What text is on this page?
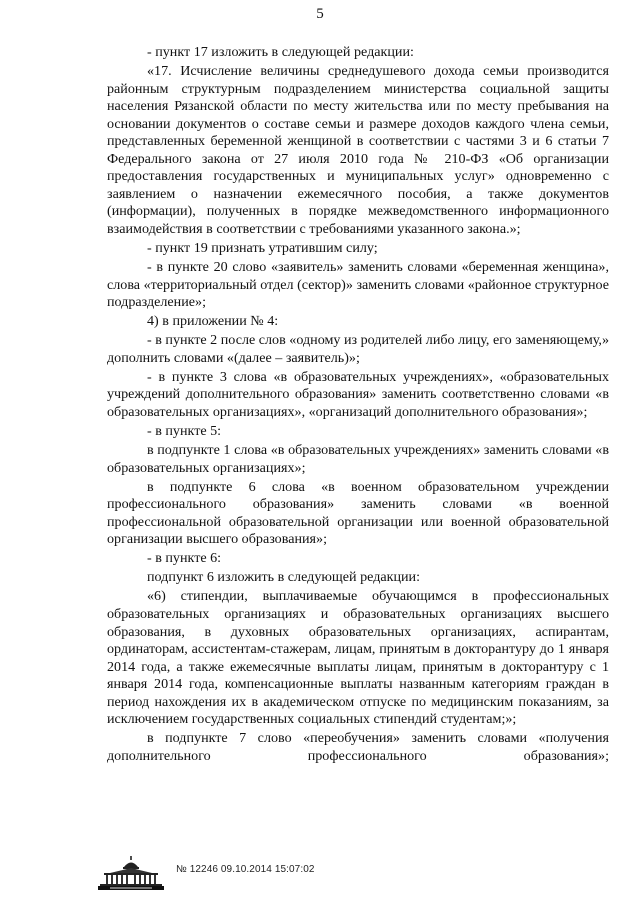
5

- пункт 17 изложить в следующей редакции:

«17. Исчисление величины среднедушевого дохода семьи производится районным структурным подразделением министерства социальной защиты населения Рязанской области по месту жительства или по месту пребывания на основании документов о составе семьи и размере доходов каждого члена семьи, представленных беременной женщиной в соответствии с частями 3 и 6 статьи 7 Федерального закона от 27 июля 2010 года № 210-ФЗ «Об организации предоставления государственных и муниципальных услуг» одновременно с заявлением о назначении ежемесячного пособия, а также документов (информации), полученных в порядке межведомственного информационного взаимодействия в соответствии с требованиями указанного закона.»;

- пункт 19 признать утратившим силу;

- в пункте 20 слово «заявитель» заменить словами «беременная женщина», слова «территориальный отдел (сектор)» заменить словами «районное структурное подразделение»;

4) в приложении № 4:

- в пункте 2 после слов «одному из родителей либо лицу, его заменяющему,» дополнить словами «(далее – заявитель)»;

- в пункте 3 слова «в образовательных учреждениях», «образовательных учреждений дополнительного образования» заменить соответственно словами «в образовательных организациях», «организаций дополнительного образования»;

- в пункте 5:

в подпункте 1 слова «в образовательных учреждениях» заменить словами «в образовательных организациях»;

в подпункте 6 слова «в военном образовательном учреждении профессионального образования» заменить словами «в военной профессиональной образовательной организации или военной образовательной организации высшего образования»;

- в пункте 6:

подпункт 6 изложить в следующей редакции:

«6) стипендии, выплачиваемые обучающимся в профессиональных образовательных организациях и образовательных организациях высшего образования, в духовных образовательных организациях, аспирантам, ординаторам, ассистентам-стажерам, лицам, принятым в докторантуру до 1 января 2014 года, а также ежемесячные выплаты лицам, принятым в докторантуру с 1 января 2014 года, компенсационные выплаты названным категориям граждан в период нахождения их в академическом отпуске по медицинским показаниям, за исключением государственных социальных стипендий студентам;»;

в подпункте 7 слово «переобучения» заменить словами «получения дополнительного профессионального образования»;

№ 12246 09.10.2014 15:07:02
